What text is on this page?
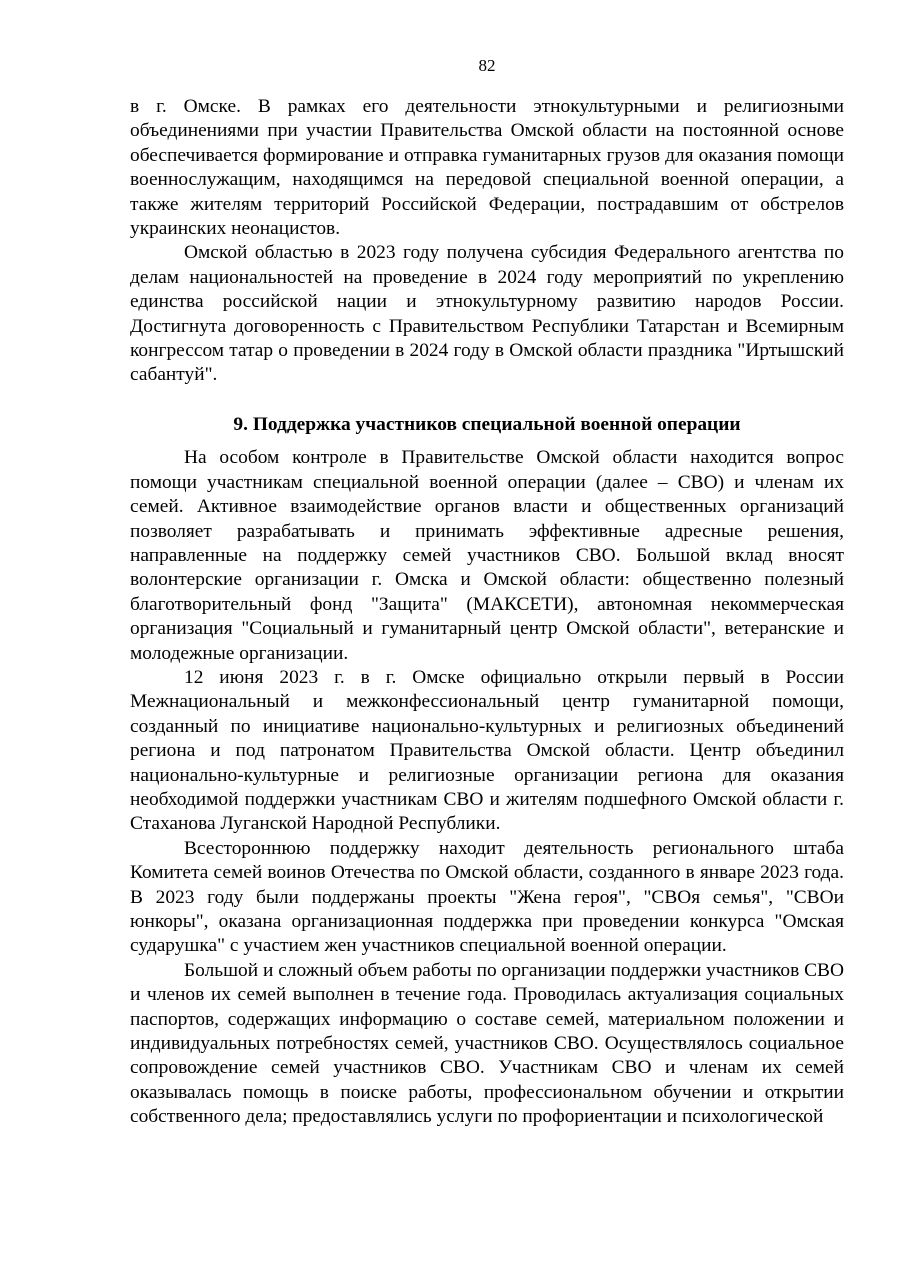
82

в г. Омске. В рамках его деятельности этнокультурными и религиозными объединениями при участии Правительства Омской области на постоянной основе обеспечивается формирование и отправка гуманитарных грузов для оказания помощи военнослужащим, находящимся на передовой специальной военной операции, а также жителям территорий Российской Федерации, пострадавшим от обстрелов украинских неонацистов.

Омской областью в 2023 году получена субсидия Федерального агентства по делам национальностей на проведение в 2024 году мероприятий по укреплению единства российской нации и этнокультурному развитию народов России. Достигнута договоренность с Правительством Республики Татарстан и Всемирным конгрессом татар о проведении в 2024 году в Омской области праздника "Иртышский сабантуй".

9. Поддержка участников специальной военной операции

На особом контроле в Правительстве Омской области находится вопрос помощи участникам специальной военной операции (далее – СВО) и членам их семей. Активное взаимодействие органов власти и общественных организаций позволяет разрабатывать и принимать эффективные адресные решения, направленные на поддержку семей участников СВО. Большой вклад вносят волонтерские организации г. Омска и Омской области: общественно полезный благотворительный фонд "Защита" (МАКСЕТИ), автономная некоммерческая организация "Социальный и гуманитарный центр Омской области", ветеранские и молодежные организации.

12 июня 2023 г. в г. Омске официально открыли первый в России Межнациональный и межконфессиональный центр гуманитарной помощи, созданный по инициативе национально-культурных и религиозных объединений региона и под патронатом Правительства Омской области. Центр объединил национально-культурные и религиозные организации региона для оказания необходимой поддержки участникам СВО и жителям подшефного Омской области г. Стаханова Луганской Народной Республики.

Всестороннюю поддержку находит деятельность регионального штаба Комитета семей воинов Отечества по Омской области, созданного в январе 2023 года. В 2023 году были поддержаны проекты "Жена героя", "СВОя семья", "СВОи юнкоры", оказана организационная поддержка при проведении конкурса "Омская сударушка" с участием жен участников специальной военной операции.

Большой и сложный объем работы по организации поддержки участников СВО и членов их семей выполнен в течение года. Проводилась актуализация социальных паспортов, содержащих информацию о составе семей, материальном положении и индивидуальных потребностях семей, участников СВО. Осуществлялось социальное сопровождение семей участников СВО. Участникам СВО и членам их семей оказывалась помощь в поиске работы, профессиональном обучении и открытии собственного дела; предоставлялись услуги по профориентации и психологической
